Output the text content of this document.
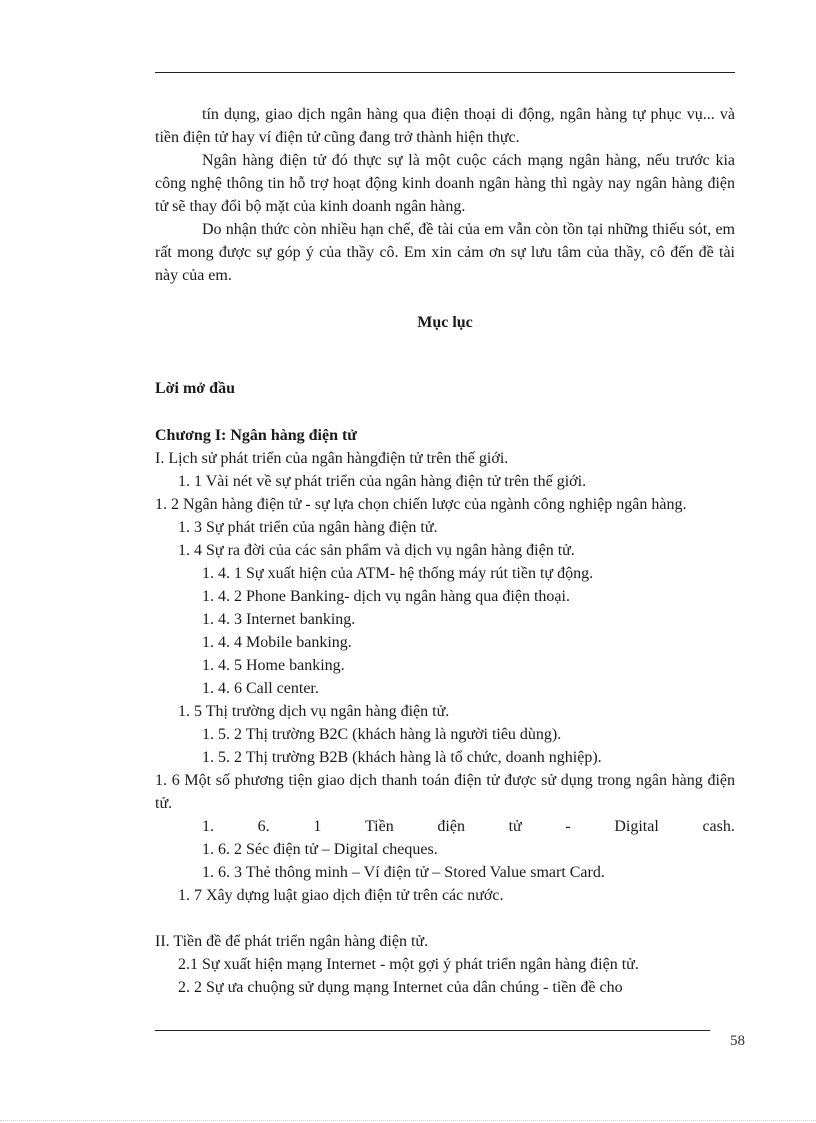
tín dụng, giao dịch ngân hàng qua điện thoại di động, ngân hàng tự phục vụ... và tiền điện tử hay ví điện tử cũng đang trở thành hiện thực.

Ngân hàng điện tử đó thực sự là một cuộc cách mạng ngân hàng, nếu trước kia công nghệ thông tin hỗ trợ hoạt động kinh doanh ngân hàng thì ngày nay ngân hàng điện tử sẽ thay đổi bộ mặt của kinh doanh ngân hàng.

Do nhận thức còn nhiều hạn chế, đề tài của em vẫn còn tồn tại những thiếu sót, em rất mong được sự góp ý của thầy cô. Em xin cảm ơn sự lưu tâm của thầy, cô đến đề tài này của em.

Mục lục

Lời mở đầu

Chương I: Ngân hàng điện tử

I. Lịch sử phát triển của ngân hàngđiện tử trên thế giới.

1. 1 Vài nét về sự phát triển của ngân hàng điện tử trên thế giới.

1. 2 Ngân hàng điện tử - sự lựa chọn chiến lược của ngành công nghiệp ngân hàng.

1. 3 Sự phát triển của ngân hàng điện tử.

1. 4 Sự ra đời của các sản phẩm và dịch vụ ngân hàng điện tử.

1. 4. 1 Sự xuất hiện của ATM- hệ thống máy rút tiền tự động.

1. 4. 2 Phone Banking- dịch vụ ngân hàng qua điện thoại.

1. 4. 3 Internet banking.

1. 4. 4 Mobile banking.

1. 4. 5 Home banking.

1. 4. 6 Call center.

1. 5 Thị trường dịch vụ ngân hàng điện tử.

1. 5. 2 Thị trường B2C (khách hàng là người tiêu dùng).

1. 5. 2 Thị trường B2B (khách hàng là tổ chức, doanh nghiệp).

1. 6 Một số phương tiện giao dịch thanh toán điện tử được sử dụng trong ngân hàng điện tử.

1.	6.	1	Tiền	điện	tử	-	Digital	cash.

1. 6. 2 Séc điện tử – Digital cheques.

1. 6. 3 Thẻ thông minh – Ví điện tử – Stored Value smart Card.

1. 7 Xây dựng luật giao dịch điện tử trên các nước.

II. Tiền đề để phát triển ngân hàng điện tử.

2.1 Sự xuất hiện mạng Internet - một gợi ý phát triển ngân hàng điện tử.

2. 2 Sự ưa chuộng sử dụng mạng Internet của dân chúng - tiền đề cho

58
